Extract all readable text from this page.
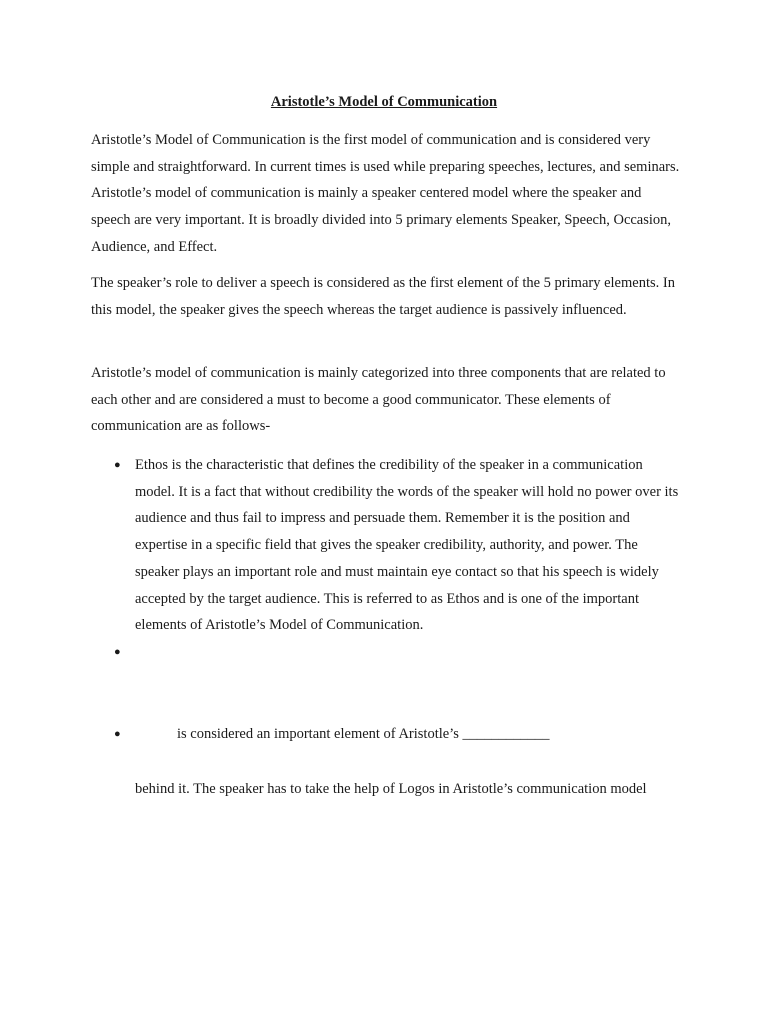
Aristotle’s Model of Communication

Aristotle’s Model of Communication is the first model of communication and is considered very simple and straightforward. In current times is used while preparing speeches, lectures, and seminars. Aristotle’s model of communication is mainly a speaker centered model where the speaker and speech are very important. It is broadly divided into 5 primary elements Speaker, Speech, Occasion, Audience, and Effect.

The speaker’s role to deliver a speech is considered as the first element of the 5 primary elements. In this model, the speaker gives the speech whereas the target audience is passively influenced.

Aristotle’s model of communication is mainly categorized into three components that are related to each other and are considered a must to become a good communicator. These elements of communication are as follows-

● Ethos is the characteristic that defines the credibility of the speaker in a communication model. It is a fact that without credibility the words of the speaker will hold no power over its audience and thus fail to impress and persuade them. Remember it is the position and expertise in a specific field that gives the speaker credibility, authority, and power. The speaker plays an important role and must maintain eye contact so that his speech is widely accepted by the target audience. This is referred to as Ethos and is one of the important elements of Aristotle’s Model of Communication.
●
●	is considered an important element of Aristotle’s ____________

behind it. The speaker has to take the help of Logos in Aristotle’s communication model
